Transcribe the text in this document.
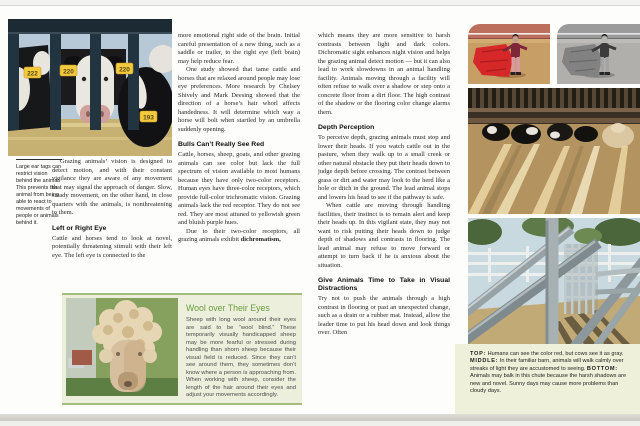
222	220	220
193
Large ear tags can restrict vision behind the animal. This prevents the animal from being able to react to movements of people or animals behind it.

Grazing animals’ vision is designed to detect motion, and with their constant vigilance they are aware of any movement that may signal the approach of danger. Slow, steady movement, on the other hand, in close quarters with the animals, is nonthreatening to them.

Left or Right Eye

Cattle and horses tend to look at novel, potentially threatening stimuli with their left eye. The left eye is connected to the

more emotional right side of the brain. Initial careful presentation of a new thing, such as a saddle or trailer, to the right eye (left brain) may help reduce fear.

One study showed that tame cattle and horses that are relaxed around people may lose eye preferences. More research by Chelsey Shively and Mark Deesing showed that the direction of a horse’s hair whorl affects handedness. It will determine which way a horse will bolt when startled by an umbrella suddenly opening.

Bulls Can’t Really See Red

Cattle, horses, sheep, goats, and other grazing animals can see color but lack the full spectrum of vision available to most humans because they have only two-color receptors. Human eyes have three-color receptors, which provide full-color trichromatic vision. Grazing animals lack the red receptor. They do not see red. They are most attuned to yellowish green and bluish purple hues.

Due to their two-color receptors, all grazing animals exhibit dichromatism,

Wool over Their Eyes
Sheep with long wool around their eyes are said to be “wool blind.” These temporarily visually handicapped sheep may be more fearful or stressed during handling than shorn sheep because their visual field is reduced. Since they can’t see around them, they sometimes don’t know where a person is approaching from. When working with sheep, consider the length of the hair around their eyes and adjust your movements accordingly.

which means they are more sensitive to harsh contrasts between light and dark colors. Dichromatic sight enhances night vision and helps the grazing animal detect motion — but it can also lead to work slowdowns in an animal handling facility. Animals moving through a facility will often refuse to walk over a shadow or step onto a concrete floor from a dirt floor. The high contrast of the shadow or the flooring color change alarms them.

Depth Perception

To perceive depth, grazing animals must stop and lower their heads. If you watch cattle out in the pasture, when they walk up to a small creek or other natural obstacle they put their heads down to judge depth before crossing. The contrast between grass or dirt and water may look to the herd like a hole or ditch in the ground. The lead animal stops and lowers his head to see if the pathway is safe.

When cattle are moving through handling facilities, their instinct is to remain alert and keep their heads up. In this vigilant state, they may not want to risk putting their heads down to judge depth of shadows and contrasts in flooring. The lead animal may refuse to move forward or attempt to turn back if he is anxious about the situation.

Give Animals Time to Take in Visual Distractions

Try not to push the animals through a high contrast in flooring or past an unexpected change, such as a drain or a rubber mat. Instead, allow the leader time to put his head down and look things over. Often

TOP: Humans can see the color red, but cows see it as gray. MIDDLE: In their familiar barn, animals will walk calmly over streaks of light they are accustomed to seeing. BOTTOM: Animals may balk in this chute because the harsh shadows are new and novel. Sunny days may cause more problems than cloudy days.
